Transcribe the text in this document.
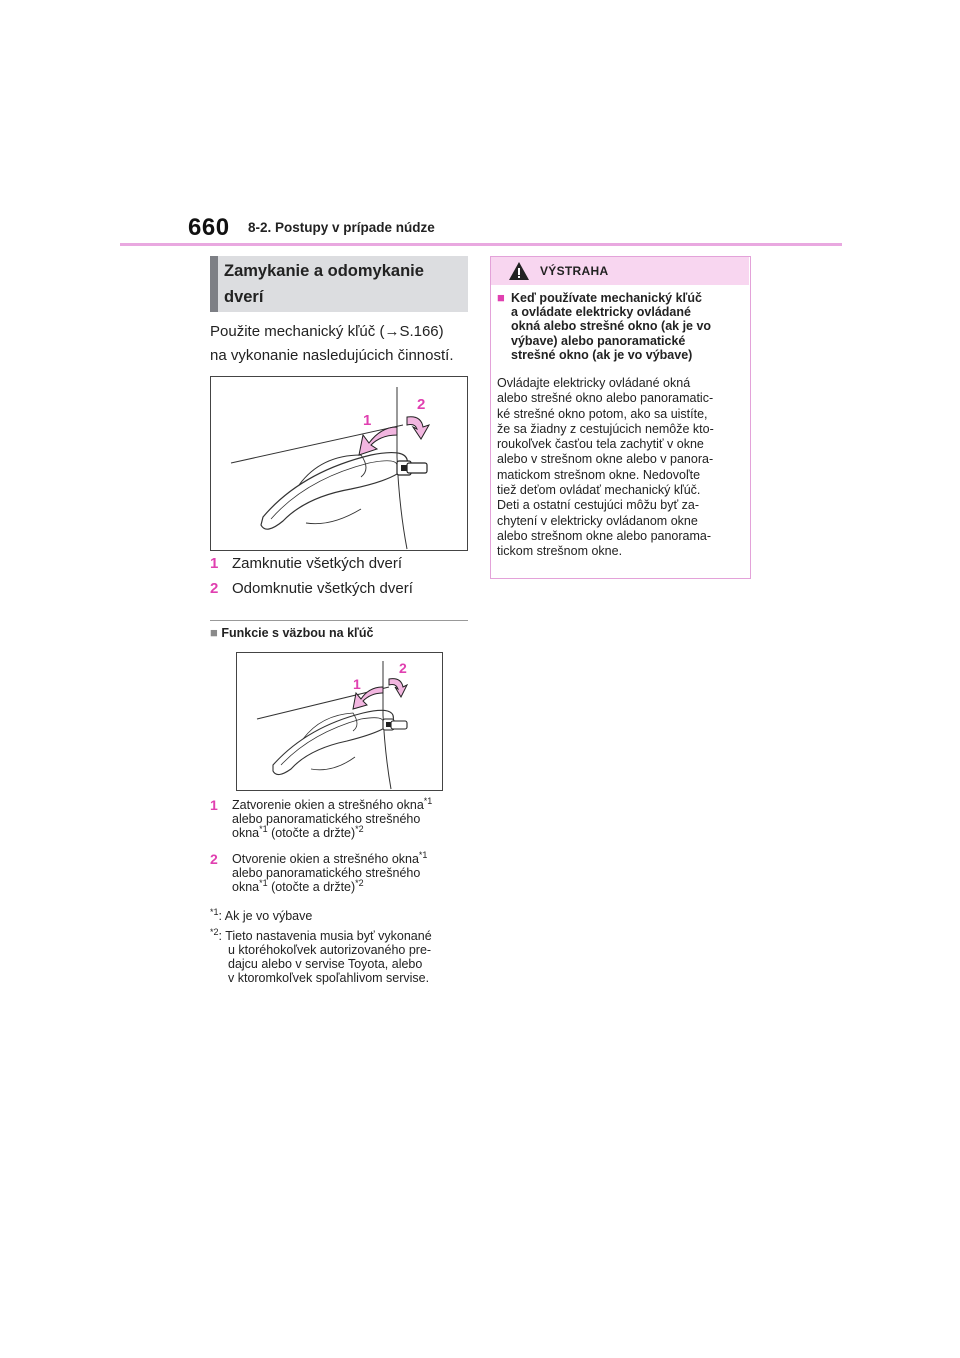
660 8-2. Postupy v prípade núdze
Zamykanie a odomykanie
dverí
Použite mechanický kľúč (→S.166)
na vykonanie nasledujúcich činností.
1
2
1 Zamknutie všetkých dverí
2 Odomknutie všetkých dverí
■ Funkcie s väzbou na kľúč
1
2
1 Zatvorenie okien a strešného okna$^{*1}$
alebo panoramatického strešného
okna$^{*1}$ (otočte a držte)$^{*2}$
2 Otvorenie okien a strešného okna$^{*1}$
alebo panoramatického strešného
okna$^{*1}$ (otočte a držte)$^{*2}$
$^{*1}$: Ak je vo výbave
$^{*2}$: Tieto nastavenia musia byť vykonané
u ktoréhokoľvek autorizovaného pre-
dajcu alebo v servise Toyota, alebo
v ktoromkoľvek spoľahlivom servise.
VÝSTRAHA
■ Keď používate mechanický kľúč
a ovládate elektricky ovládané
okná alebo strešné okno (ak je vo
výbave) alebo panoramatické
strešné okno (ak je vo výbave)
Ovládajte elektricky ovládané okná
alebo strešné okno alebo panoramatic-
ké strešné okno potom, ako sa uistíte,
že sa žiadny z cestujúcich nemôže kto-
roukoľvek časťou tela zachytiť v okne
alebo v strešnom okne alebo v panora-
matickom strešnom okne. Nedovoľte
tiež deťom ovládať mechanický kľúč.
Deti a ostatní cestujúci môžu byť za-
chytení v elektricky ovládanom okne
alebo strešnom okne alebo panorama-
tickom strešnom okne.
